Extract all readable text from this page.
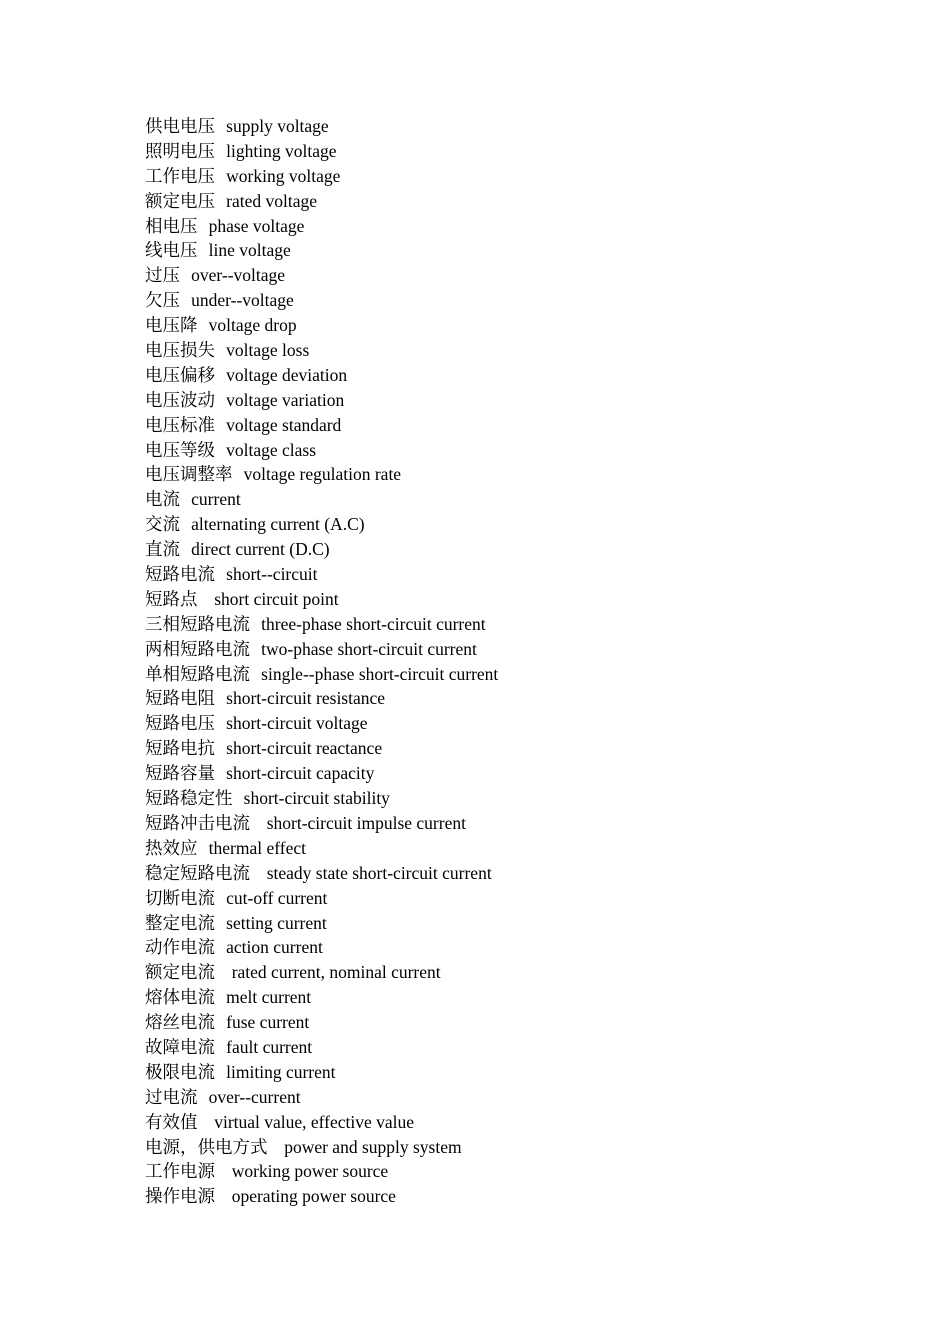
供电电压 supply voltage
照明电压 lighting voltage
工作电压 working voltage
额定电压 rated voltage
相电压 phase voltage
线电压 line voltage
过压 over--voltage
欠压 under--voltage
电压降 voltage drop
电压损失 voltage loss
电压偏移 voltage deviation
电压波动 voltage variation
电压标准 voltage standard
电压等级 voltage class
电压调整率 voltage regulation rate
电流 current
交流 alternating current (A.C)
直流 direct current (D.C)
短路电流 short--circuit
短路点 short circuit point
三相短路电流 three-phase short-circuit current
两相短路电流 two-phase short-circuit current
单相短路电流 single--phase short-circuit current
短路电阻 short-circuit resistance
短路电压 short-circuit voltage
短路电抗 short-circuit reactance
短路容量 short-circuit capacity
短路稳定性 short-circuit stability
短路冲击电流 short-circuit impulse current
热效应 thermal effect
稳定短路电流 steady state short-circuit current
切断电流 cut-off current
整定电流 setting current
动作电流 action current
额定电流 rated current, nominal current
熔体电流 melt current
熔丝电流 fuse current
故障电流 fault current
极限电流 limiting current
过电流 over--current
有效值 virtual value, effective value
电源，供电方式 power and supply system
工作电源 working power source
操作电源 operating power source
